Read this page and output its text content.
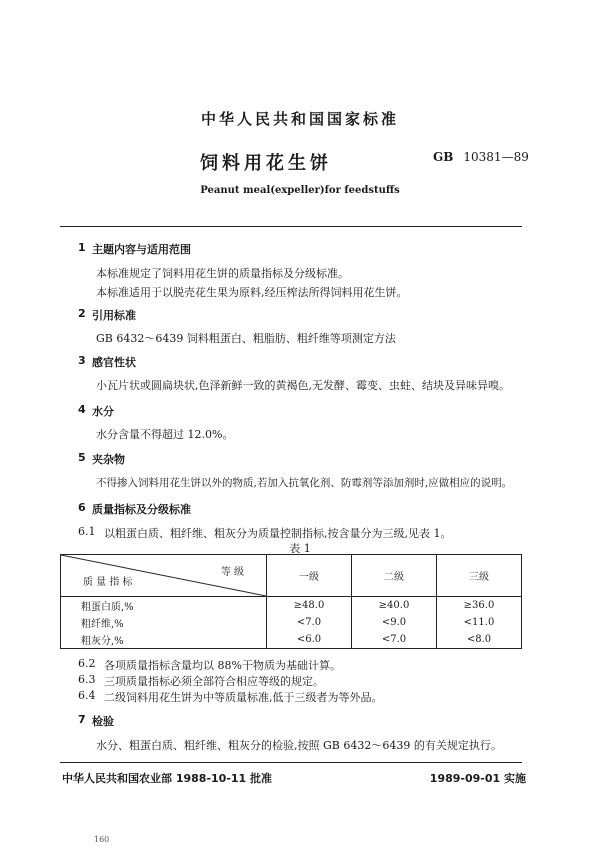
中华人民共和国国家标准
饲料用花生饼	GB 10381—89
Peanut meal(expeller)for feedstuffs
1 主题内容与适用范围
本标准规定了饲料用花生饼的质量指标及分级标准。
本标准适用于以脱壳花生果为原料,经压榨法所得饲料用花生饼。
2 引用标准
GB 6432～6439 饲料粗蛋白、粗脂肪、粗纤维等项测定方法
3 感官性状
小瓦片状或圆扁块状,色泽新鲜一致的黄褐色,无发酵、霉变、虫蛀、结块及异味异嗅。
4 水分
水分含量不得超过 12.0%。
5 夹杂物
不得掺入饲料用花生饼以外的物质,若加入抗氧化剂、防霉剂等添加剂时,应做相应的说明。
6 质量指标及分级标准
6.1 以粗蛋白质、粗纤维、粗灰分为质量控制指标,按含量分为三级,见表 1。
表 1
等 级
质 量 指 标	一级	二级	三级
粗蛋白质,%	≥48.0	≥40.0	≥36.0
粗纤维,%	<7.0	<9.0	<11.0
粗灰分,%	<6.0	<7.0	<8.0
6.2 各项质量指标含量均以 88%干物质为基础计算。
6.3 三项质量指标必须全部符合相应等级的规定。
6.4 二级饲料用花生饼为中等质量标准,低于三级者为等外品。
7 检验
水分、粗蛋白质、粗纤维、粗灰分的检验,按照 GB 6432～6439 的有关规定执行。
中华人民共和国农业部 1988-10-11 批准	1989-09-01 实施
160
